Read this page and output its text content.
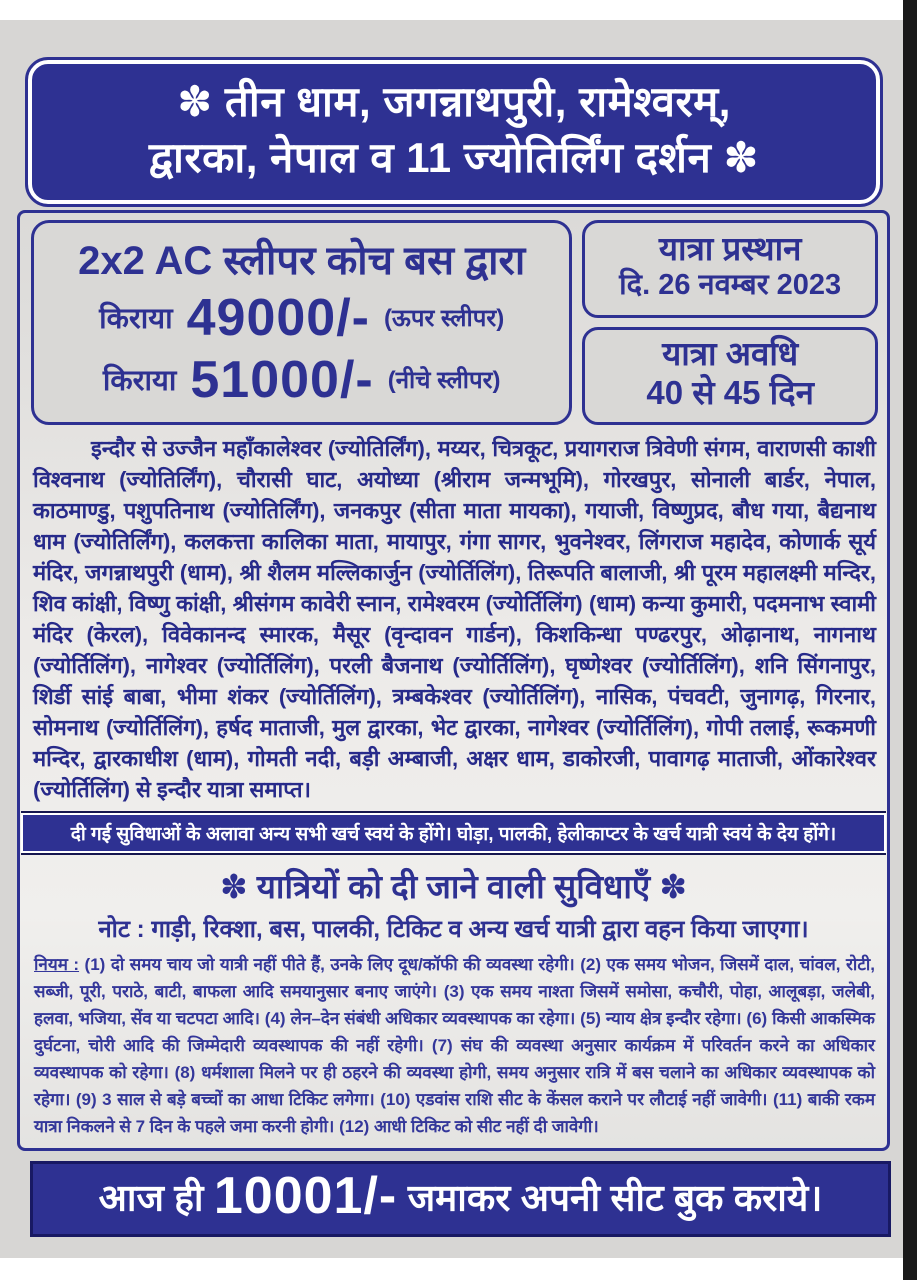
✽ तीन धाम, जगन्नाथपुरी, रामेश्वरम्,
द्वारका, नेपाल व 11 ज्योतिर्लिंग दर्शन ✽
2x2 AC स्लीपर कोच बस द्वारा
किराया 49000/- (ऊपर स्लीपर)
किराया 51000/- (नीचे स्लीपर)
यात्रा प्रस्थान
दि. 26 नवम्बर 2023
यात्रा अवधि
40 से 45 दिन
इन्दौर से उज्जैन महाँकालेश्वर (ज्योतिर्लिंग), मय्यर, चित्रकूट, प्रयागराज त्रिवेणी संगम, वाराणसी काशी विश्वनाथ (ज्योतिर्लिंग), चौरासी घाट, अयोध्या (श्रीराम जन्मभूमि), गोरखपुर, सोनाली बार्डर, नेपाल, काठमाण्डु, पशुपतिनाथ (ज्योतिर्लिंग), जनकपुर (सीता माता मायका), गयाजी, विष्णुप्रद, बौध गया, बैद्यनाथ धाम (ज्योतिर्लिंग), कलकत्ता कालिका माता, मायापुर, गंगा सागर, भुवनेश्वर, लिंगराज महादेव, कोणार्क सूर्य मंदिर, जगन्नाथपुरी (धाम), श्री शैलम मल्लिकार्जुन (ज्योर्तिलिंग), तिरूपति बालाजी, श्री पूरम महालक्ष्मी मन्दिर, शिव कांक्षी, विष्णु कांक्षी, श्रीसंगम कावेरी स्नान, रामेश्वरम (ज्योर्तिलिंग) (धाम) कन्या कुमारी, पदमनाभ स्वामी मंदिर (केरल), विवेकानन्द स्मारक, मैसूर (वृन्दावन गार्डन), किशकिन्धा पण्ढरपुर, ओढ़ानाथ, नागनाथ (ज्योर्तिलिंग), नागेश्वर (ज्योर्तिलिंग), परली बैजनाथ (ज्योर्तिलिंग), घृष्णेश्वर (ज्योर्तिलिंग), शनि सिंगनापुर, शिर्डी सांई बाबा, भीमा शंकर (ज्योर्तिलिंग), त्रम्बकेश्वर (ज्योर्तिलिंग), नासिक, पंचवटी, जुनागढ़, गिरनार, सोमनाथ (ज्योर्तिलिंग), हर्षद माताजी, मुल द्वारका, भेट द्वारका, नागेश्वर (ज्योर्तिलिंग), गोपी तलाई, रूकमणी मन्दिर, द्वारकाधीश (धाम), गोमती नदी, बड़ी अम्बाजी, अक्षर धाम, डाकोरजी, पावागढ़ माताजी, ओंकारेश्वर (ज्योर्तिलिंग) से इन्दौर यात्रा समाप्त।
दी गई सुविधाओं के अलावा अन्य सभी खर्च स्वयं के होंगे। घोड़ा, पालकी, हेलीकाप्टर के खर्च यात्री स्वयं के देय होंगे।
✽ यात्रियों को दी जाने वाली सुविधाएँ ✽
नोट : गाड़ी, रिक्शा, बस, पालकी, टिकिट व अन्य खर्च यात्री द्वारा वहन किया जाएगा।
नियम : (1) दो समय चाय जो यात्री नहीं पीते हैं, उनके लिए दूध/कॉफी की व्यवस्था रहेगी। (2) एक समय भोजन, जिसमें दाल, चांवल, रोटी, सब्जी, पूरी, पराठे, बाटी, बाफला आदि समयानुसार बनाए जाएंगे। (3) एक समय नाश्ता जिसमें समोसा, कचौरी, पोहा, आलूबड़ा, जलेबी, हलवा, भजिया, सेंव या चटपटा आदि। (4) लेन–देन संबंधी अधिकार व्यवस्थापक का रहेगा। (5) न्याय क्षेत्र इन्दौर रहेगा। (6) किसी आकस्मिक दुर्घटना, चोरी आदि की जिम्मेदारी व्यवस्थापक की नहीं रहेगी। (7) संघ की व्यवस्था अनुसार कार्यक्रम में परिवर्तन करने का अधिकार व्यवस्थापक को रहेगा। (8) धर्मशाला मिलने पर ही ठहरने की व्यवस्था होगी, समय अनुसार रात्रि में बस चलाने का अधिकार व्यवस्थापक को रहेगा। (9) 3 साल से बड़े बच्चों का आधा टिकिट लगेगा। (10) एडवांस राशि सीट के केंसल कराने पर लौटाई नहीं जावेगी। (11) बाकी रकम यात्रा निकलने से 7 दिन के पहले जमा करनी होगी। (12) आधी टिकिट को सीट नहीं दी जावेगी।
आज ही 10001/- जमाकर अपनी सीट बुक कराये।
